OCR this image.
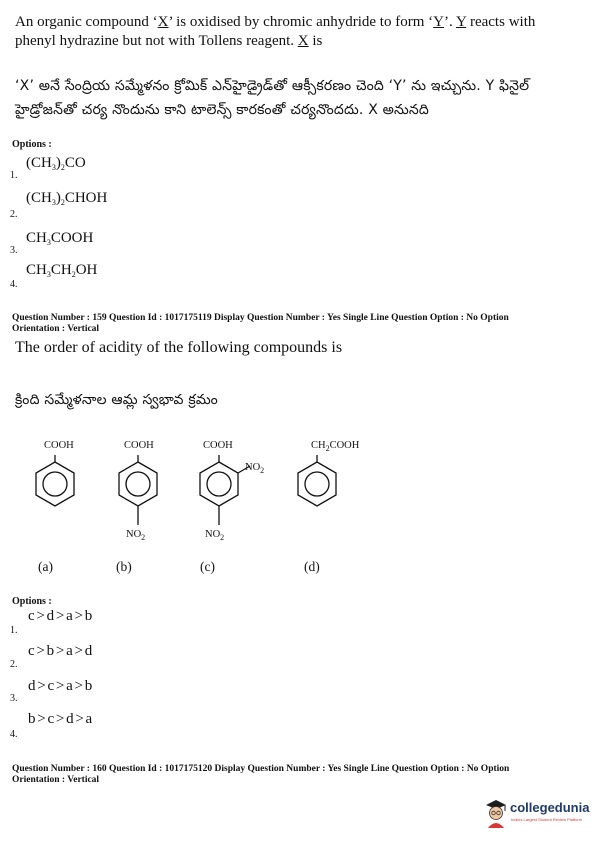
An organic compound ‘X’ is oxidised by chromic anhydride to form ‘Y’. Y reacts with
phenyl hydrazine but not with Tollens reagent. X is
‘X’ అనే సేంద్రియ సమ్మేళనం క్రోమిక్ ఎన్‌హైడ్రైడ్‌తో ఆక్సీకరణం చెంది ‘Y’ ను ఇచ్చును. Y ఫినైల్
హైడ్రోజన్‌తో చర్య నొందును కాని టాలెన్స్ కారకంతో చర్యనొందదు. X అనునది
Options :
1.
$(CH_3)_2CO$
2.
$(CH_3)_2CHOH$
3.
$CH_3COOH$
4.
$CH_3CH_2OH$
Question Number : 159 Question Id : 1017175119 Display Question Number : Yes Single Line Question Option : No Option
Orientation : Vertical
The order of acidity of the following compounds is
క్రింది సమ్మేళనాల ఆమ్ల స్వభావ క్రమం
COOH
(a)
COOH
$NO_2$
(b)
COOH
$NO_2$
$NO_2$
(c)
$CH_2COOH$
(d)
Options :
1.
c > d > a > b
2.
c > b > a > d
3.
d > c > a > b
4.
b > c > d > a
Question Number : 160 Question Id : 1017175120 Display Question Number : Yes Single Line Question Option : No Option
Orientation : Vertical
collegedunia
India's Largest Student Review Platform
